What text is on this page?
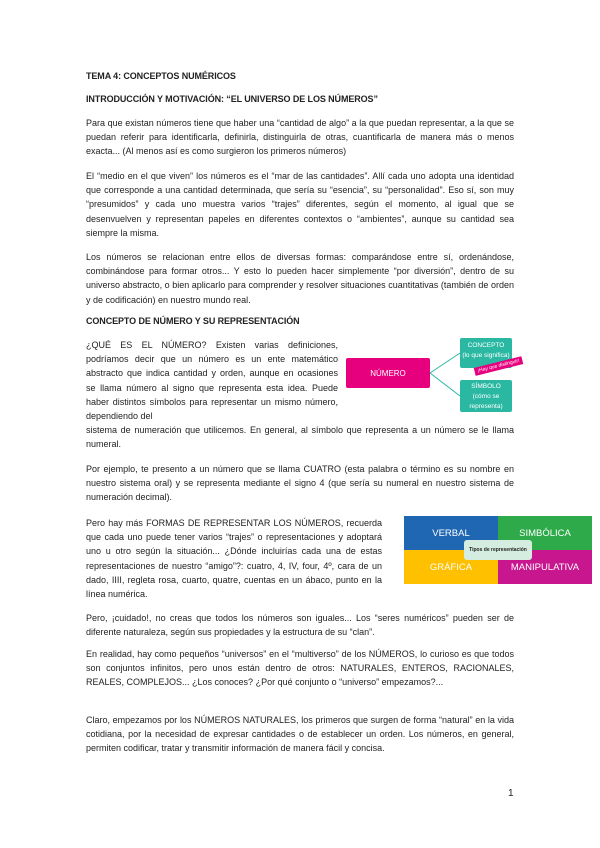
TEMA 4: CONCEPTOS NUMÉRICOS

INTRODUCCIÓN Y MOTIVACIÓN: “EL UNIVERSO DE LOS NÚMEROS”

Para que existan números tiene que haber una “cantidad de algo” a la que puedan representar, a la que se puedan referir para identificarla, definirla, distinguirla de otras, cuantificarla de manera más o menos exacta... (Al menos así es como surgieron los primeros números)

El “medio en el que viven” los números es el “mar de las cantidades”. Allí cada uno adopta una identidad que corresponde a una cantidad determinada, que sería su “esencia”, su “personalidad”. Eso sí, son muy “presumidos” y cada uno muestra varios “trajes” diferentes, según el momento, al igual que se desenvuelven y representan papeles en diferentes contextos o “ambientes”, aunque su cantidad sea siempre la misma.

Los números se relacionan entre ellos de diversas formas: comparándose entre sí, ordenándose, combinándose para formar otros... Y esto lo pueden hacer simplemente “por diversión”, dentro de su universo abstracto, o bien aplicarlo para comprender y resolver situaciones cuantitativas (también de orden y de codificación) en nuestro mundo real.

CONCEPTO DE NÚMERO Y SU REPRESENTACIÓN

¿QUÉ ES EL NÚMERO? Existen varias definiciones, podríamos decir que un número es un ente matemático abstracto que indica cantidad y orden, aunque en ocasiones se llama número al signo que representa esta idea. Puede haber distintos símbolos para representar un mismo número, dependiendo del

sistema de numeración que utilicemos. En general, al símbolo que representa a un número se le llama numeral.

NÚMERO
CONCEPTO
(lo que significa)
SÍMBOLO
(cómo se representa)
¡Hay que distinguir!

Por ejemplo, te presento a un número que se llama CUATRO (esta palabra o término es su nombre en nuestro sistema oral) y se representa mediante el signo 4 (que sería su numeral en nuestro sistema de numeración decimal).

Pero hay más FORMAS DE REPRESENTAR LOS NÚMEROS, recuerda que cada uno puede tener varios “trajes” o representaciones y adoptará uno u otro según la situación... ¿Dónde incluirías cada una de estas representaciones de nuestro “amigo”?: cuatro, 4, IV, four, 4º, cara de un dado, IIII, regleta rosa, cuarto, quatre, cuentas en un ábaco, punto en la línea numérica.

VERBAL	SIMBÓLICA
GRÁFICA	MANIPULATIVA
Tipos de representación

Pero, ¡cuidado!, no creas que todos los números son iguales... Los “seres numéricos” pueden ser de diferente naturaleza, según sus propiedades y la estructura de su “clan”.

En realidad, hay como pequeños “universos” en el “multiverso” de los NÚMEROS, lo curioso es que todos son conjuntos infinitos, pero unos están dentro de otros: NATURALES, ENTEROS, RACIONALES, REALES, COMPLEJOS... ¿Los conoces? ¿Por qué conjunto o “universo” empezamos?...

Claro, empezamos por los NÚMEROS NATURALES, los primeros que surgen de forma “natural” en la vida cotidiana, por la necesidad de expresar cantidades o de establecer un orden. Los números, en general, permiten codificar, tratar y transmitir información de manera fácil y concisa.

1
